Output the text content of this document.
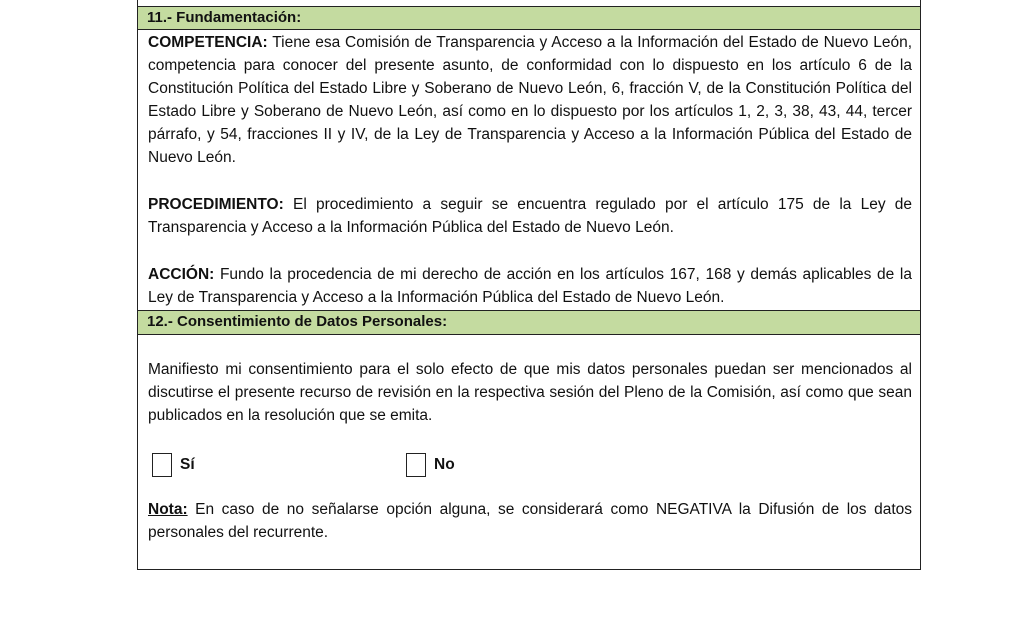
11.- Fundamentación:

COMPETENCIA: Tiene esa Comisión de Transparencia y Acceso a la Información del Estado de Nuevo León, competencia para conocer del presente asunto, de conformidad con lo dispuesto en los artículo 6 de la Constitución Política del Estado Libre y Soberano de Nuevo León, 6, fracción V, de la Constitución Política del Estado Libre y Soberano de Nuevo León, así como en lo dispuesto por los artículos 1, 2, 3, 38, 43, 44, tercer párrafo, y 54, fracciones II y IV, de la Ley de Transparencia y Acceso a la Información Pública del Estado de Nuevo León.

PROCEDIMIENTO: El procedimiento a seguir se encuentra regulado por el artículo 175 de la Ley de Transparencia y Acceso a la Información Pública del Estado de Nuevo León.

ACCIÓN: Fundo la procedencia de mi derecho de acción en los artículos 167, 168 y demás aplicables de la Ley de Transparencia y Acceso a la Información Pública del Estado de Nuevo León.

12.- Consentimiento de Datos Personales:

Manifiesto mi consentimiento para el solo efecto de que mis datos personales puedan ser mencionados al discutirse el presente recurso de revisión en la respectiva sesión del Pleno de la Comisión, así como que sean publicados en la resolución que se emita.

Sí	No

Nota: En caso de no señalarse opción alguna, se considerará como NEGATIVA la Difusión de los datos personales del recurrente.
